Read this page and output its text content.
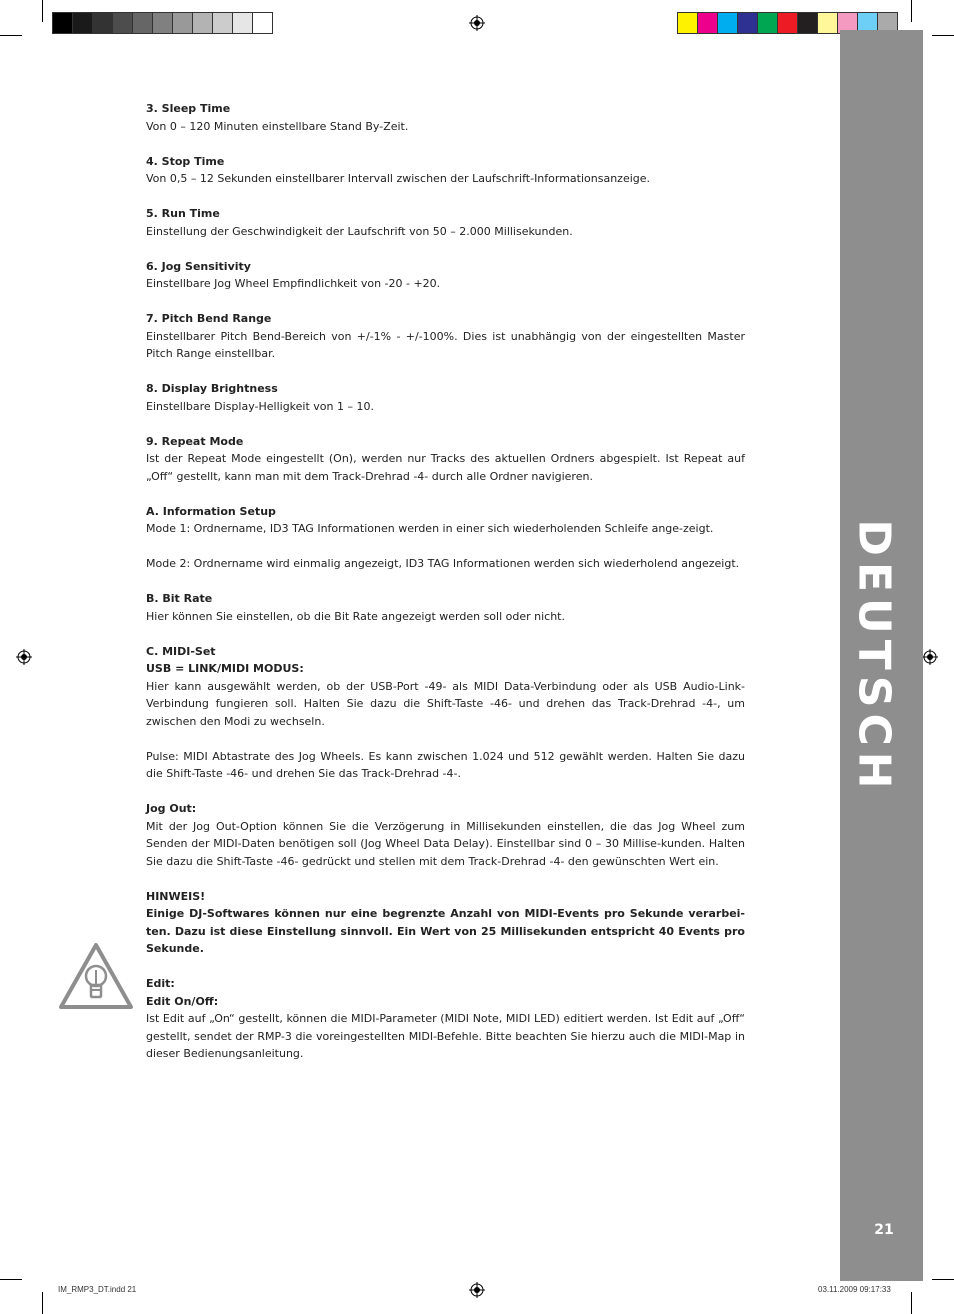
DEUTSCH
21
3. Sleep Time

Von 0 – 120 Minuten einstellbare Stand By-Zeit.

4. Stop Time

Von 0,5 – 12 Sekunden einstellbarer Intervall zwischen der Laufschrift-Informationsanzeige.

5. Run Time

Einstellung der Geschwindigkeit der Laufschrift von 50 – 2.000 Millisekunden.

6. Jog Sensitivity

Einstellbare Jog Wheel Empfindlichkeit von -20 - +20.

7. Pitch Bend Range

Einstellbarer Pitch Bend-Bereich von +/-1% - +/-100%. Dies ist unabhängig von der eingestellten Master Pitch Range einstellbar.

8. Display Brightness

Einstellbare Display-Helligkeit von 1 – 10.

9. Repeat Mode

Ist der Repeat Mode eingestellt (On), werden nur Tracks des aktuellen Ordners abgespielt. Ist Repeat auf „Off“ gestellt, kann man mit dem Track-Drehrad -4- durch alle Ordner navigieren.

A. Information Setup

Mode 1: Ordnername, ID3 TAG Informationen werden in einer sich wiederholenden Schleife ange-zeigt.

Mode 2: Ordnername wird einmalig angezeigt, ID3 TAG Informationen werden sich wiederholend angezeigt.

B. Bit Rate

Hier können Sie einstellen, ob die Bit Rate angezeigt werden soll oder nicht.

C. MIDI-Set
USB = LINK/MIDI MODUS:

Hier kann ausgewählt werden, ob der USB-Port -49- als MIDI Data-Verbindung oder als USB Audio-Link-Verbindung fungieren soll. Halten Sie dazu die Shift-Taste -46- und drehen das Track-Drehrad -4-, um zwischen den Modi zu wechseln.

Pulse: MIDI Abtastrate des Jog Wheels. Es kann zwischen 1.024 und 512 gewählt werden. Halten Sie dazu die Shift-Taste -46- und drehen Sie das Track-Drehrad -4-.

Jog Out:

Mit der Jog Out-Option können Sie die Verzögerung in Millisekunden einstellen, die das Jog Wheel zum Senden der MIDI-Daten benötigen soll (Jog Wheel Data Delay). Einstellbar sind 0 – 30 Millise-kunden. Halten Sie dazu die Shift-Taste -46- gedrückt und stellen mit dem Track-Drehrad -4- den gewünschten Wert ein.

HINWEIS!

Einige DJ-Softwares können nur eine begrenzte Anzahl von MIDI-Events pro Sekunde verarbei-ten. Dazu ist diese Einstellung sinnvoll. Ein Wert von 25 Millisekunden entspricht 40 Events pro Sekunde.

Edit:
Edit On/Off:

Ist Edit auf „On“ gestellt, können die MIDI-Parameter (MIDI Note, MIDI LED) editiert werden. Ist Edit auf „Off“ gestellt, sendet der RMP-3 die voreingestellten MIDI-Befehle. Bitte beachten Sie hierzu auch die MIDI-Map in dieser Bedienungsanleitung.

IM_RMP3_DT.indd 21	03.11.2009 09:17:33
